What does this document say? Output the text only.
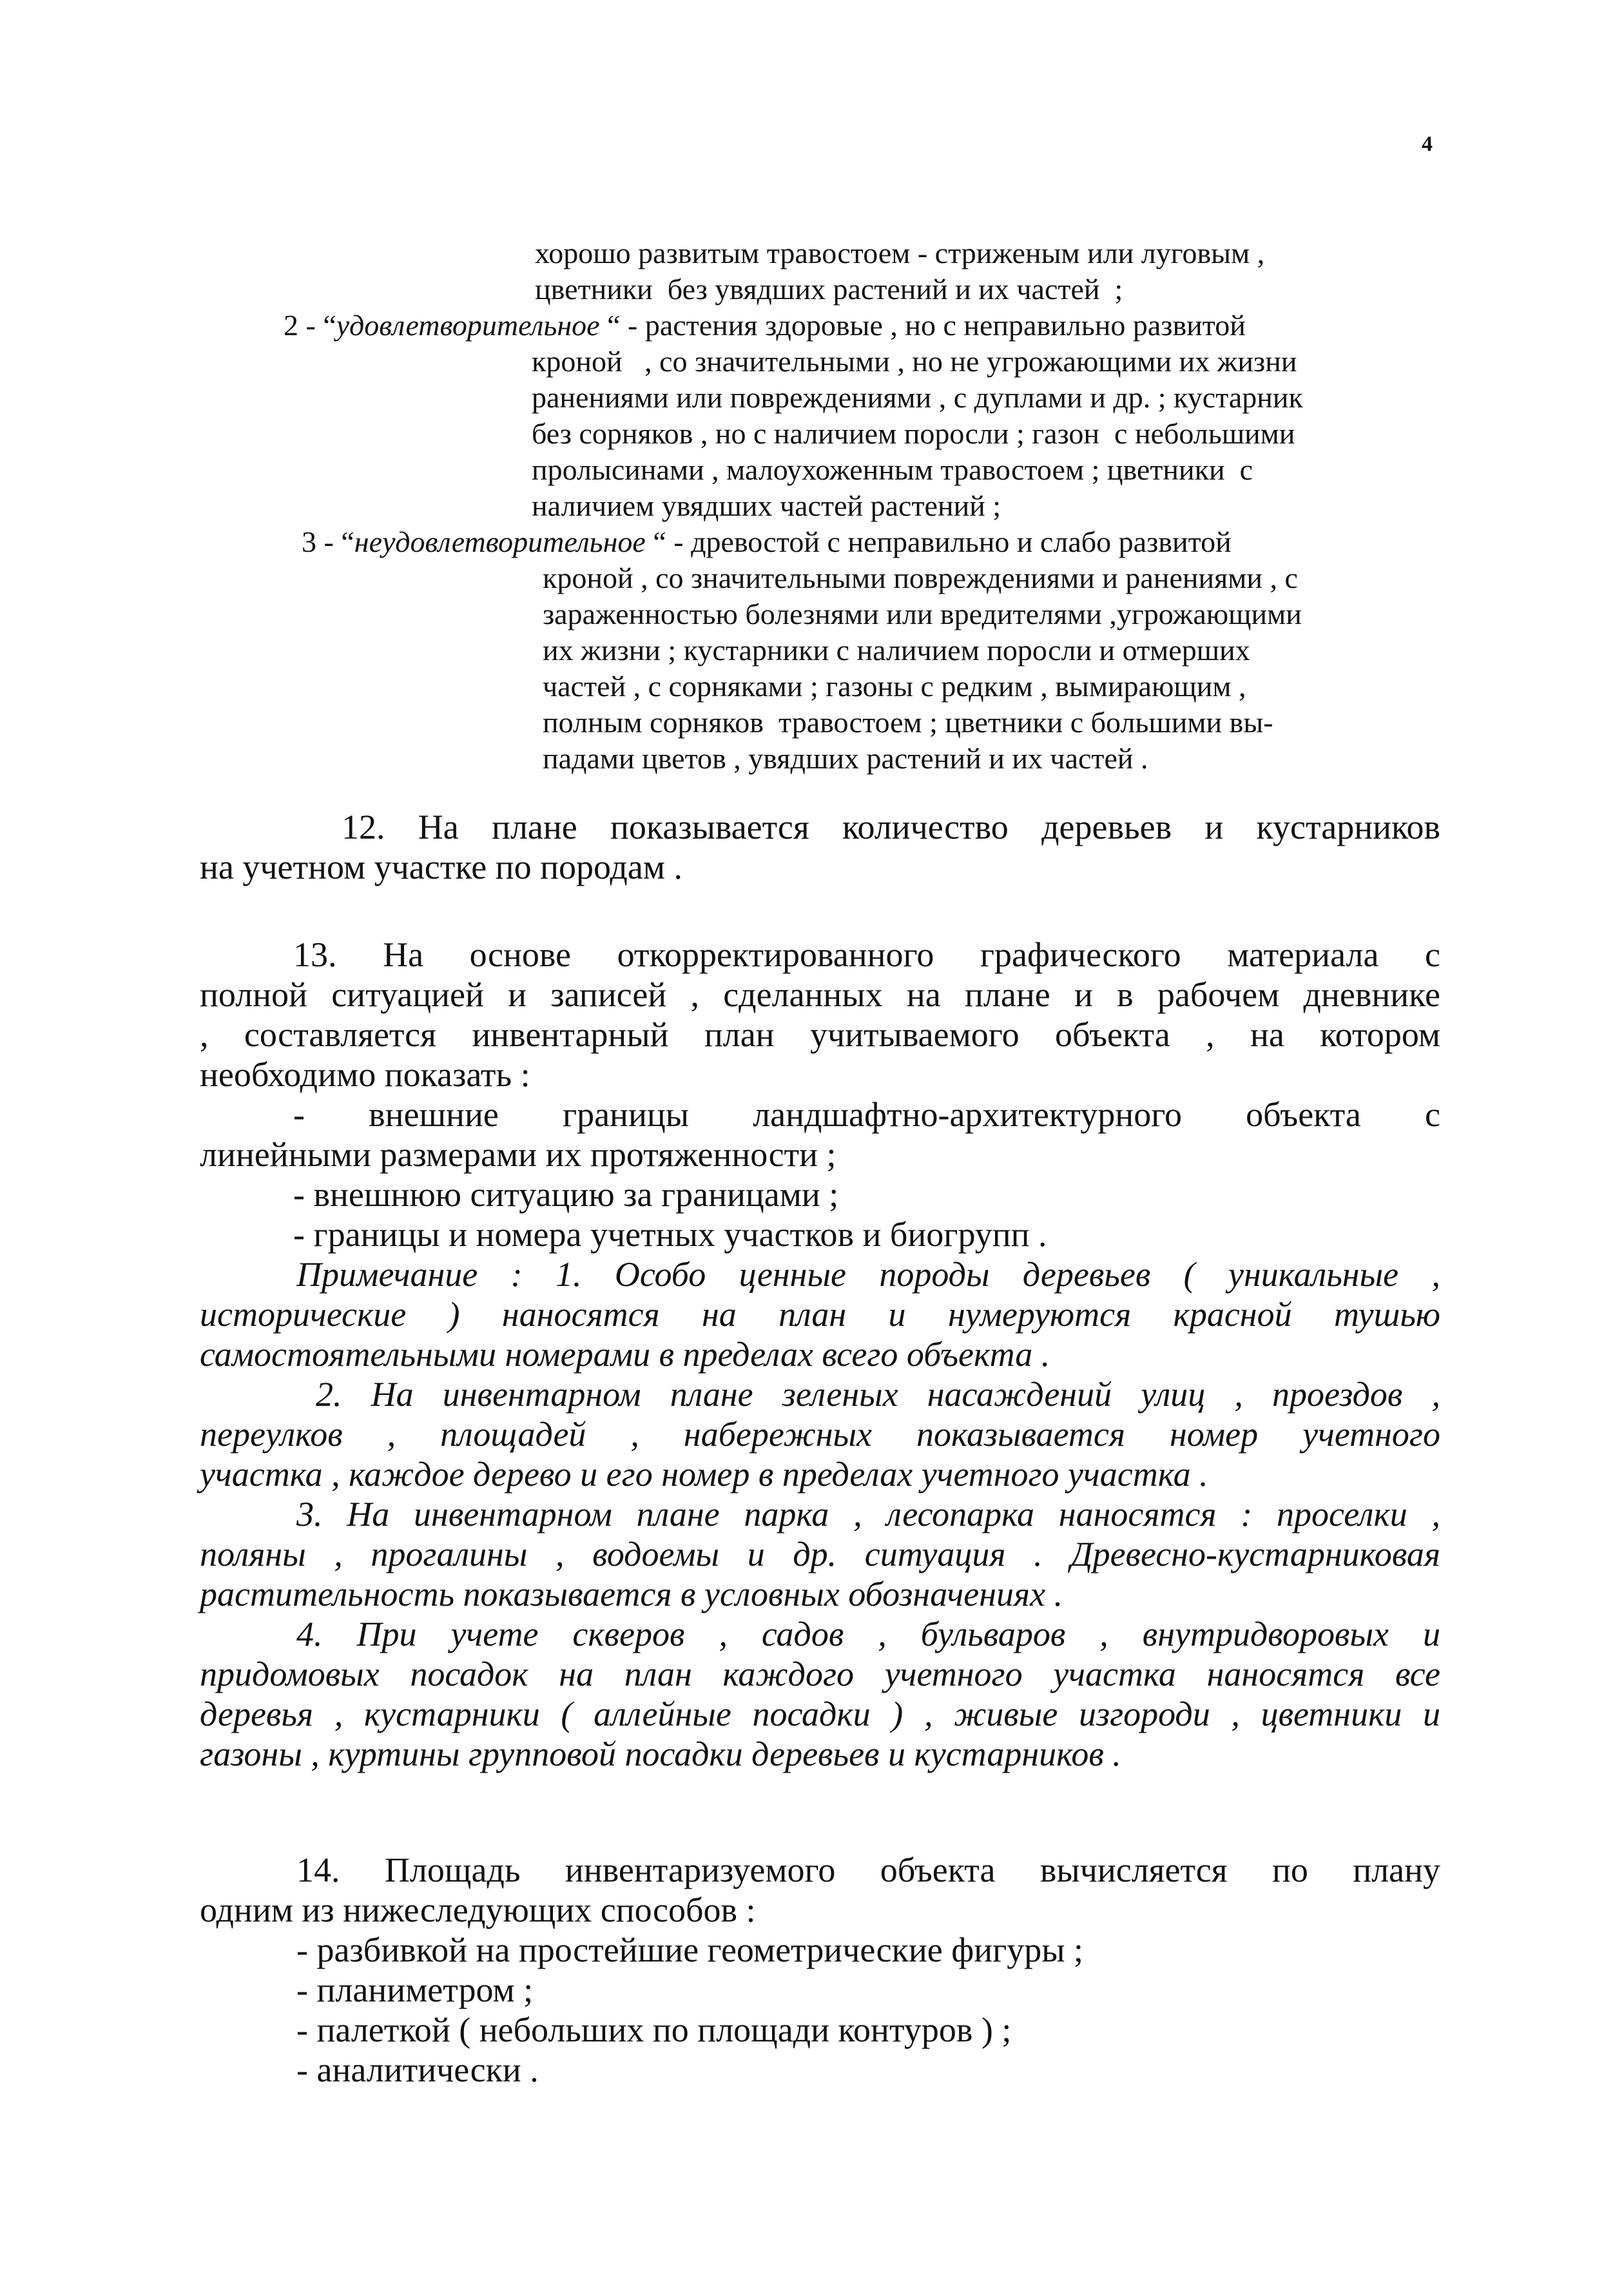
4
хорошо развитым травостоем - стриженым или луговым ,
цветники  без увядших растений и их частей  ;
2 - “удовлетворительное “ - растения здоровые , но с неправильно развитой
кроной   , со значительными , но не угрожающими их жизни
ранениями или повреждениями , с дуплами и др. ; кустарник
без сорняков , но с наличием поросли ; газон  с небольшими
пролысинами , малоухоженным травостоем ; цветники  с
наличием увядших частей растений ;
3 - “неудовлетворительное “ - древостой с неправильно и слабо развитой
кроной , со значительными повреждениями и ранениями , с
зараженностью болезнями или вредителями ,угрожающими
их жизни ; кустарники с наличием поросли и отмерших
частей , с сорняками ; газоны с редким , вымирающим ,
полным сорняков  травостоем ; цветники с большими вы-
падами цветов , увядших растений и их частей .
12. На плане показывается количество деревьев и кустарников
на учетном участке по породам .
13. На основе откорректированного графического материала с
полной ситуацией и записей , сделанных на плане и в рабочем дневнике
, составляется инвентарный план учитываемого объекта , на котором
необходимо показать :
- внешние границы ландшафтно-архитектурного объекта с
линейными размерами их протяженности ;
- внешнюю ситуацию за границами ;
- границы и номера учетных участков и биогрупп .
Примечание : 1. Особо ценные породы деревьев ( уникальные ,
исторические ) наносятся на план и нумеруются красной тушью
самостоятельными номерами в пределах всего объекта .
2. На инвентарном плане зеленых насаждений улиц , проездов ,
переулков , площадей , набережных показывается номер учетного
участка , каждое дерево и его номер в пределах учетного участка .
3. На инвентарном плане парка , лесопарка наносятся : проселки ,
поляны , прогалины , водоемы и др. ситуация . Древесно-кустарниковая
растительность показывается в условных обозначениях .
4. При учете скверов , садов , бульваров , внутридворовых и
придомовых посадок на план каждого учетного участка наносятся все
деревья , кустарники ( аллейные посадки ) , живые изгороди , цветники и
газоны , куртины групповой посадки деревьев и кустарников .
14. Площадь инвентаризуемого объекта вычисляется по плану
одним из нижеследующих способов :
- разбивкой на простейшие геометрические фигуры ;
- планиметром ;
- палеткой ( небольших по площади контуров ) ;
- аналитически .
